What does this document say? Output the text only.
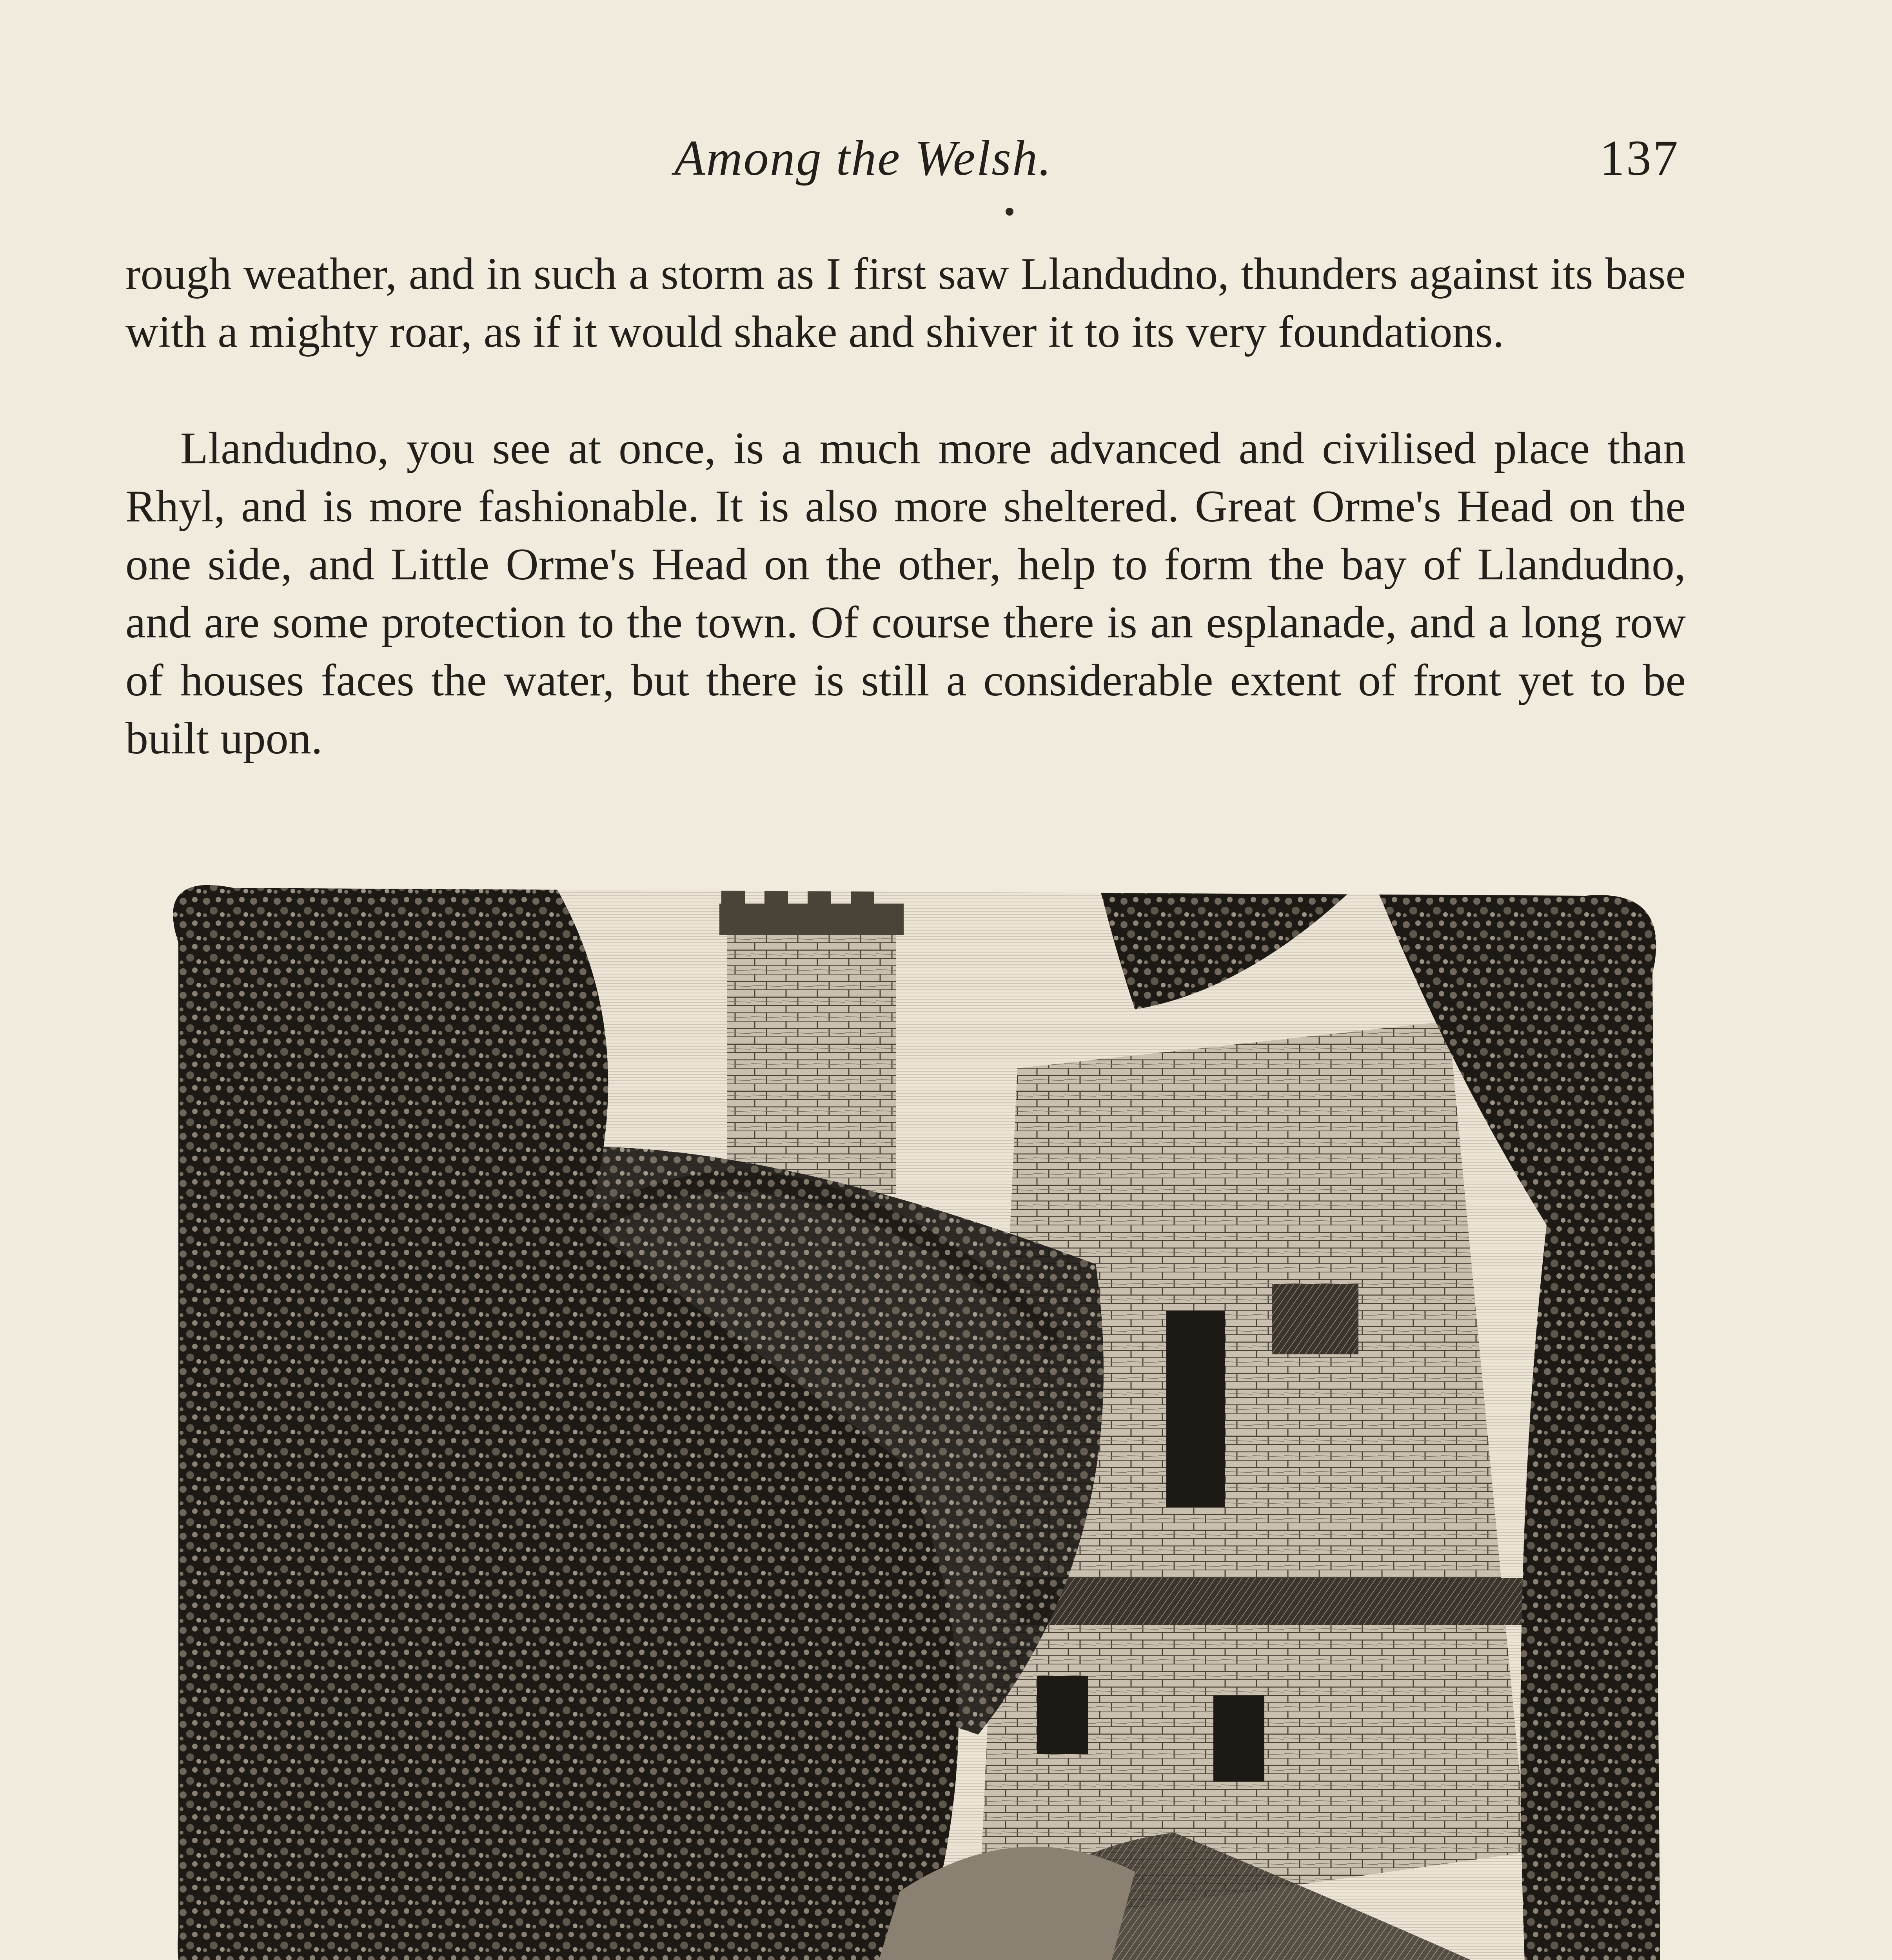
Among the Welsh.	137

rough weather, and in such a storm as I first saw Llandudno, thunders against its base with a mighty roar, as if it would shake and shiver it to its very foundations.

Llandudno, you see at once, is a much more advanced and civilised place than Rhyl, and is more fashionable. It is also more sheltered. Great Orme's Head on the one side, and Little Orme's Head on the other, help to form the bay of Llandudno, and are some protection to the town. Of course there is an esplanade, and a long row of houses faces the water, but there is still a considerable extent of front yet to be built upon.
